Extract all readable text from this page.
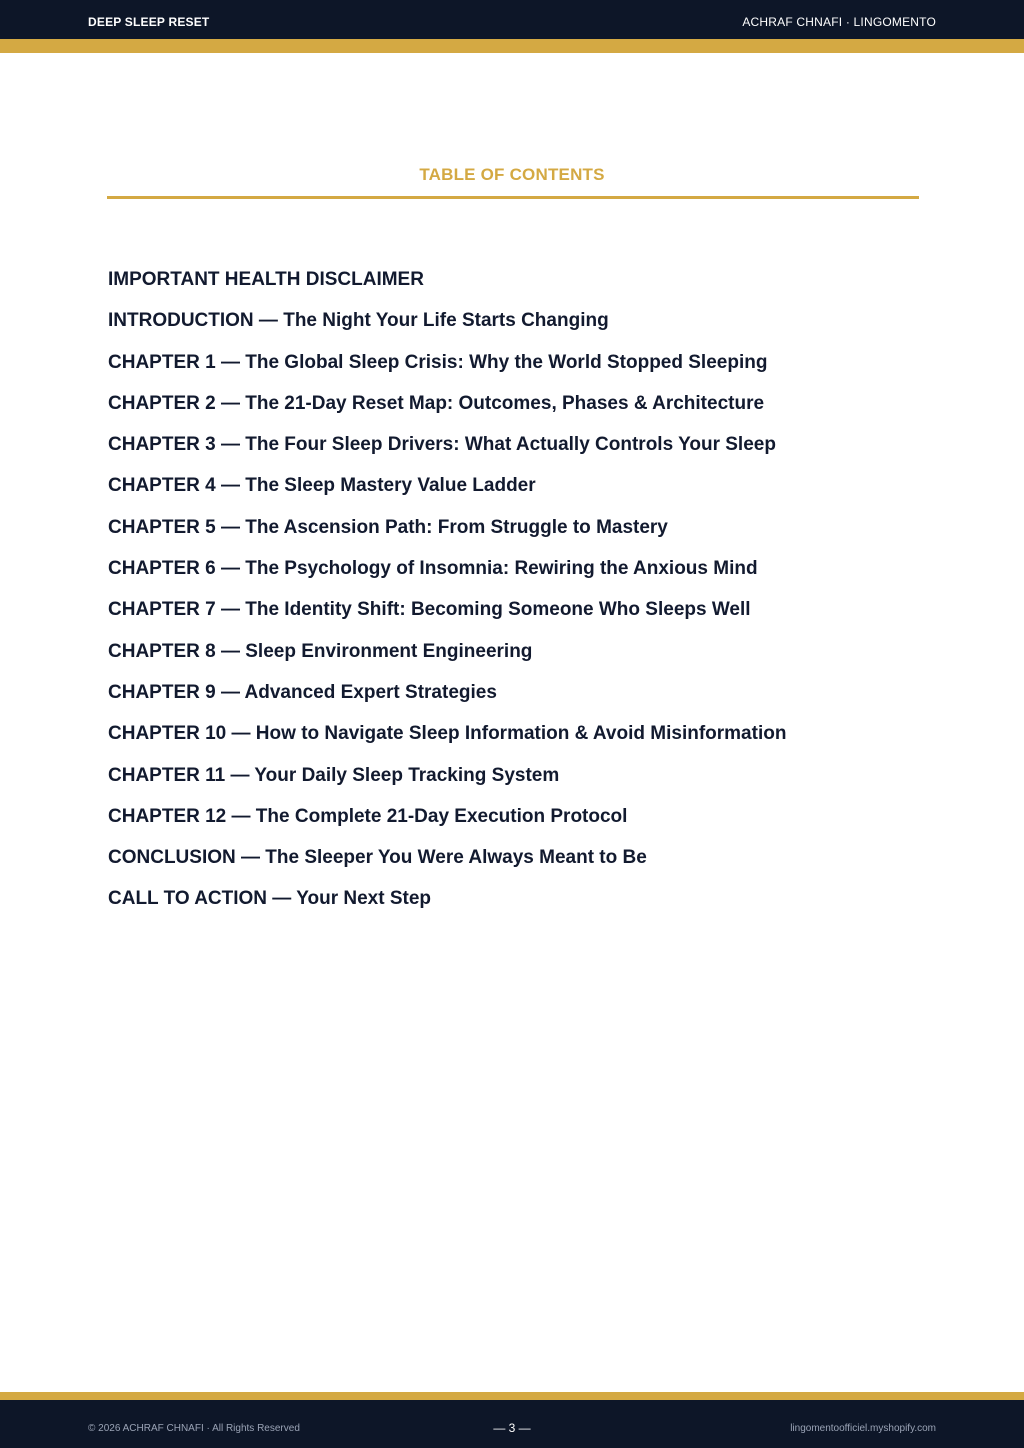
DEEP SLEEP RESET	ACHRAF CHNAFI · LINGOMENTO
TABLE OF CONTENTS
IMPORTANT HEALTH DISCLAIMER
INTRODUCTION — The Night Your Life Starts Changing
CHAPTER 1 — The Global Sleep Crisis: Why the World Stopped Sleeping
CHAPTER 2 — The 21-Day Reset Map: Outcomes, Phases & Architecture
CHAPTER 3 — The Four Sleep Drivers: What Actually Controls Your Sleep
CHAPTER 4 — The Sleep Mastery Value Ladder
CHAPTER 5 — The Ascension Path: From Struggle to Mastery
CHAPTER 6 — The Psychology of Insomnia: Rewiring the Anxious Mind
CHAPTER 7 — The Identity Shift: Becoming Someone Who Sleeps Well
CHAPTER 8 — Sleep Environment Engineering
CHAPTER 9 — Advanced Expert Strategies
CHAPTER 10 — How to Navigate Sleep Information & Avoid Misinformation
CHAPTER 11 — Your Daily Sleep Tracking System
CHAPTER 12 — The Complete 21-Day Execution Protocol
CONCLUSION — The Sleeper You Were Always Meant to Be
CALL TO ACTION — Your Next Step
© 2026 ACHRAF CHNAFI · All Rights Reserved	— 3 —	lingomentoofficiel.myshopify.com
